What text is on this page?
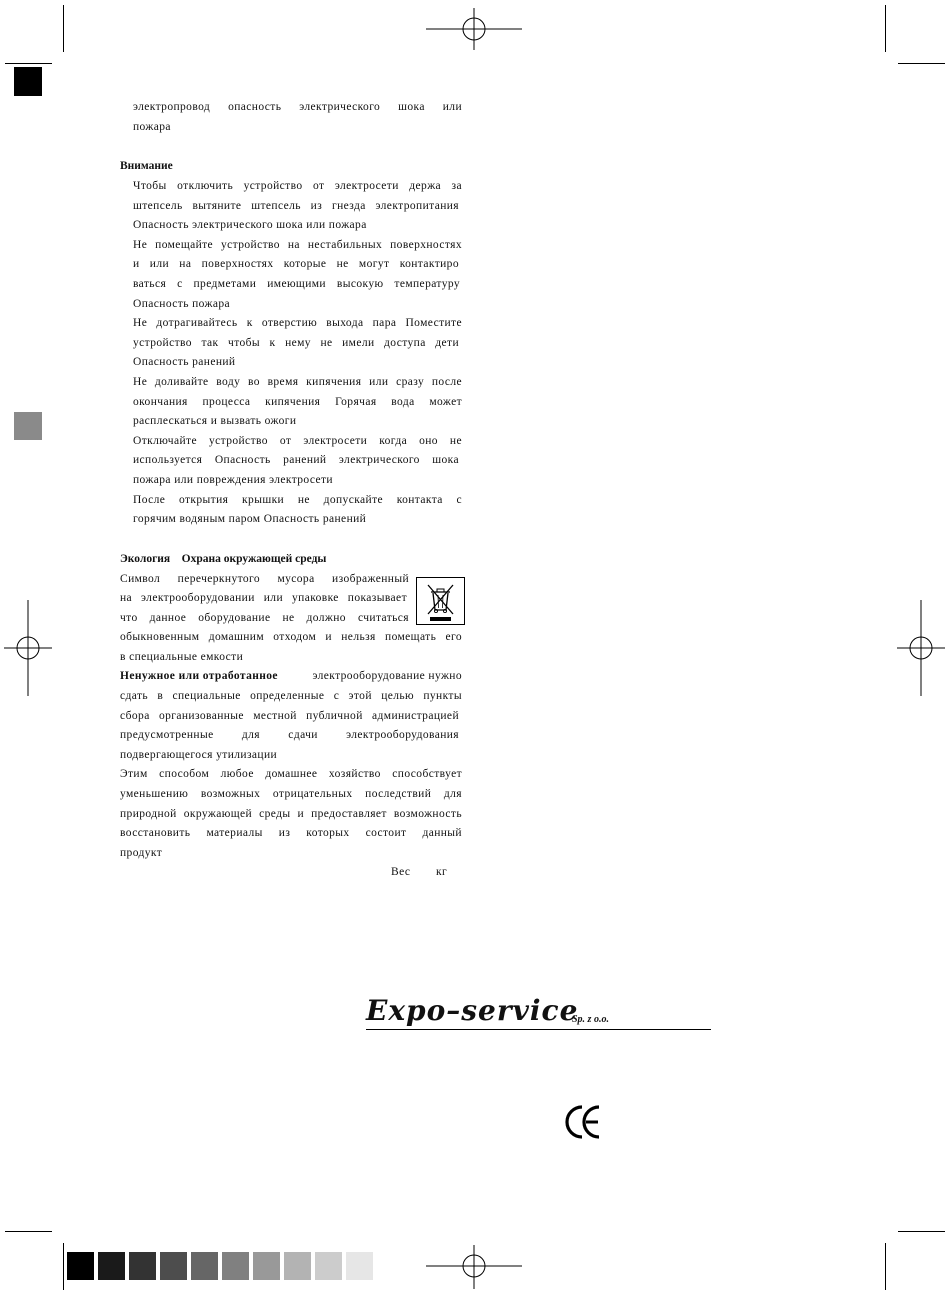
электропровод опасность электрического шока или
пожара
Внимание
Чтобы отключить устройство от электросети держа за
штепсель вытяните штепсель из гнезда электропитания
Опасность электрического шока или пожара
Не помещайте устройство на нестабильных поверхностях
и или на поверхностях которые не могут контактиро
ваться с предметами имеющими высокую температуру
Опасность пожара
Не дотрагивайтесь к отверстию выхода пара Поместите
устройство так чтобы к нему не имели доступа дети
Опасность ранений
Не доливайте воду во время кипячения или сразу после
окончания процесса кипячения Горячая вода может
расплескаться и вызвать ожоги
Отключайте устройство от электросети когда оно не
используется Опасность ранений электрического шока
пожара или повреждения электросети
После открытия крышки не допускайте контакта с
горячим водяным паром Опасность ранений
Экология    Охрана окружающей среды
Символ перечеркнутого мусора изображенный
на электрооборудовании или упаковке показывает
что данное оборудование не должно считаться
обыкновенным домашним отходом и нельзя помещать его
в специальные емкости
Ненужное или отработанное	электрооборудование нужно
сдать в специальные определенные с этой целью пункты
сбора организованные местной публичной администрацией
предусмотренные для сдачи электрооборудования
подвергающегося утилизации
Этим способом любое домашнее хозяйство способствует
уменьшению возможных отрицательных последствий для
природной окружающей среды и предоставляет возможность
восстановить материалы из которых состоит данный
продукт
Вес кг
Expo–service
Sp. z o.o.
